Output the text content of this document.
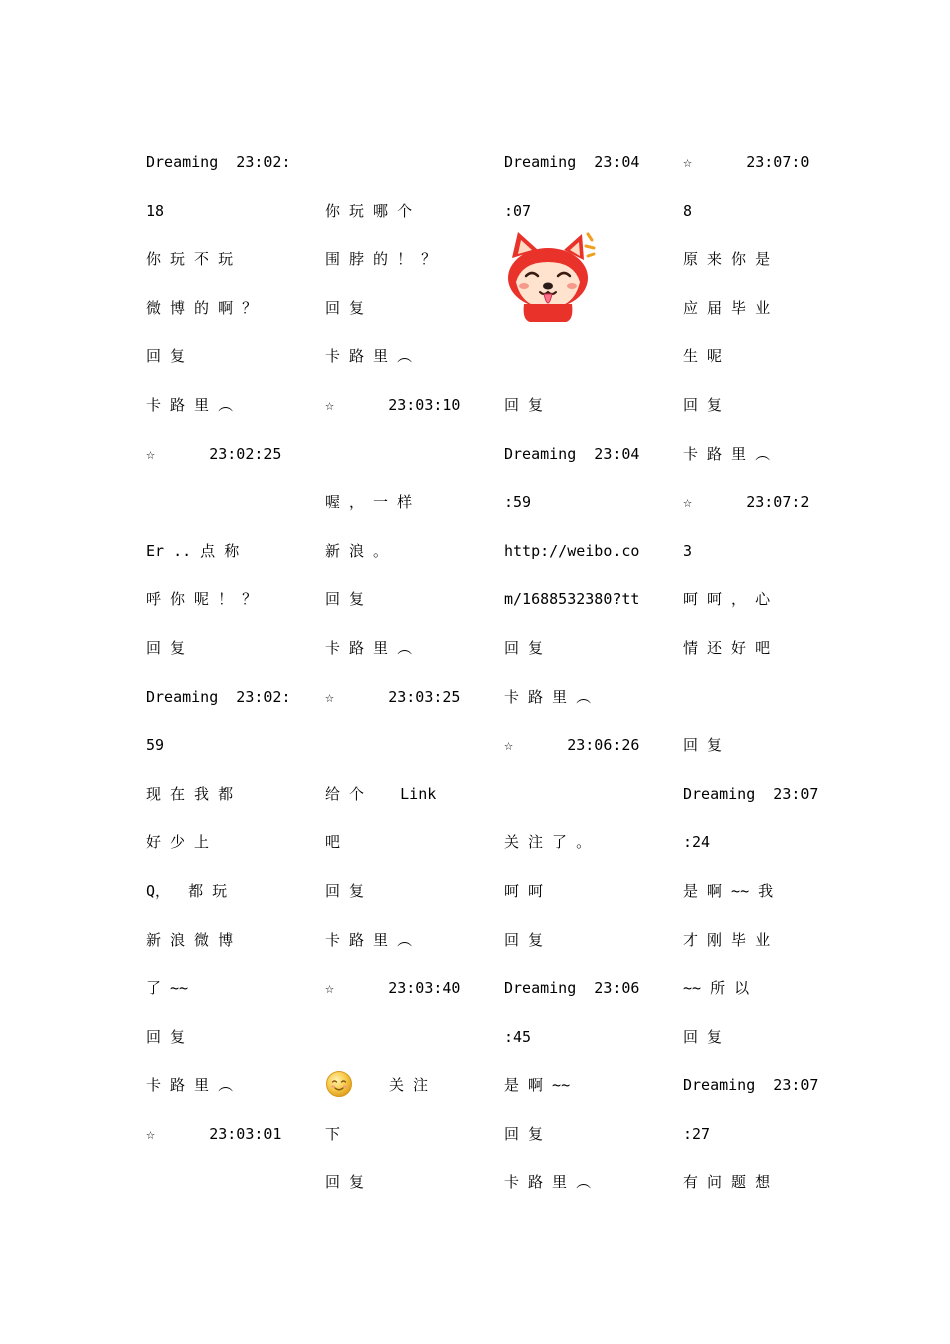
Dreaming  23:02:
18
你 玩 不 玩
微 博 的 啊 ？
回 复
卡 路 里 ︵
☆      23:02:25
Er .. 点 称
呼 你 呢 ！ ？
回 复
Dreaming  23:02:
59
现 在 我 都
好 少 上
Q，  都 玩
新 浪 微 博
了 ~~
回 复
卡 路 里 ︵
☆      23:03:01
你 玩 哪 个
围 脖 的 ！ ？
回 复
卡 路 里 ︵
☆      23:03:10
喔 ， 一 样
新 浪 。
回 复
卡 路 里 ︵
☆      23:03:25
给 个    Link
吧
回 复
卡 路 里 ︵
☆      23:03:40

关 注

下
回 复
Dreaming  23:04
:07
回 复
Dreaming  23:04
:59
http://weibo.co
m/1688532380?tt
回 复
卡 路 里 ︵
☆      23:06:26
关 注 了 。
呵 呵
回 复
Dreaming  23:06
:45
是 啊 ~~
回 复
卡 路 里 ︵
☆      23:07:0
8
原 来 你 是
应 届 毕 业
生 呢
回 复
卡 路 里 ︵
☆      23:07:2
3
呵 呵 ， 心
情 还 好 吧
回 复
Dreaming  23:07
:24
是 啊 ~~ 我
才 刚 毕 业
~~ 所 以
回 复
Dreaming  23:07
:27
有 问 题 想
